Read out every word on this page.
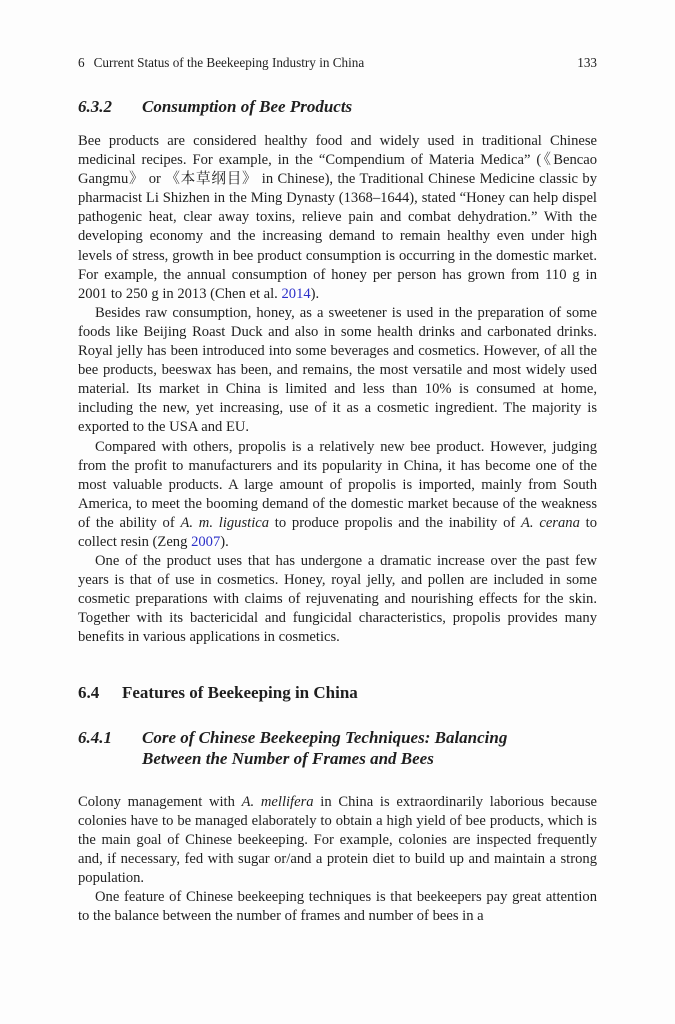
6 Current Status of the Beekeeping Industry in China	133
6.3.2	Consumption of Bee Products

Bee products are considered healthy food and widely used in traditional Chinese medicinal recipes. For example, in the “Compendium of Materia Medica” (《Bencao Gangmu》 or 《本草纲目》 in Chinese), the Traditional Chinese Medicine classic by pharmacist Li Shizhen in the Ming Dynasty (1368–1644), stated “Honey can help dispel pathogenic heat, clear away toxins, relieve pain and combat dehydration.” With the developing economy and the increasing demand to remain healthy even under high levels of stress, growth in bee product consumption is occurring in the domestic market. For example, the annual consumption of honey per person has grown from 110 g in 2001 to 250 g in 2013 (Chen et al. 2014).

Besides raw consumption, honey, as a sweetener is used in the preparation of some foods like Beijing Roast Duck and also in some health drinks and carbonated drinks. Royal jelly has been introduced into some beverages and cosmetics. However, of all the bee products, beeswax has been, and remains, the most versatile and most widely used material. Its market in China is limited and less than 10% is consumed at home, including the new, yet increasing, use of it as a cosmetic ingredient. The majority is exported to the USA and EU.

Compared with others, propolis is a relatively new bee product. However, judging from the profit to manufacturers and its popularity in China, it has become one of the most valuable products. A large amount of propolis is imported, mainly from South America, to meet the booming demand of the domestic market because of the weakness of the ability of A. m. ligustica to produce propolis and the inability of A. cerana to collect resin (Zeng 2007).

One of the product uses that has undergone a dramatic increase over the past few years is that of use in cosmetics. Honey, royal jelly, and pollen are included in some cosmetic preparations with claims of rejuvenating and nourishing effects for the skin. Together with its bactericidal and fungicidal characteristics, propolis provides many benefits in various applications in cosmetics.

6.4	Features of Beekeeping in China
6.4.1	Core of Chinese Beekeeping Techniques: Balancing
Between the Number of Frames and Bees

Colony management with A. mellifera in China is extraordinarily laborious because colonies have to be managed elaborately to obtain a high yield of bee products, which is the main goal of Chinese beekeeping. For example, colonies are inspected frequently and, if necessary, fed with sugar or/and a protein diet to build up and maintain a strong population.

One feature of Chinese beekeeping techniques is that beekeepers pay great attention to the balance between the number of frames and number of bees in a
